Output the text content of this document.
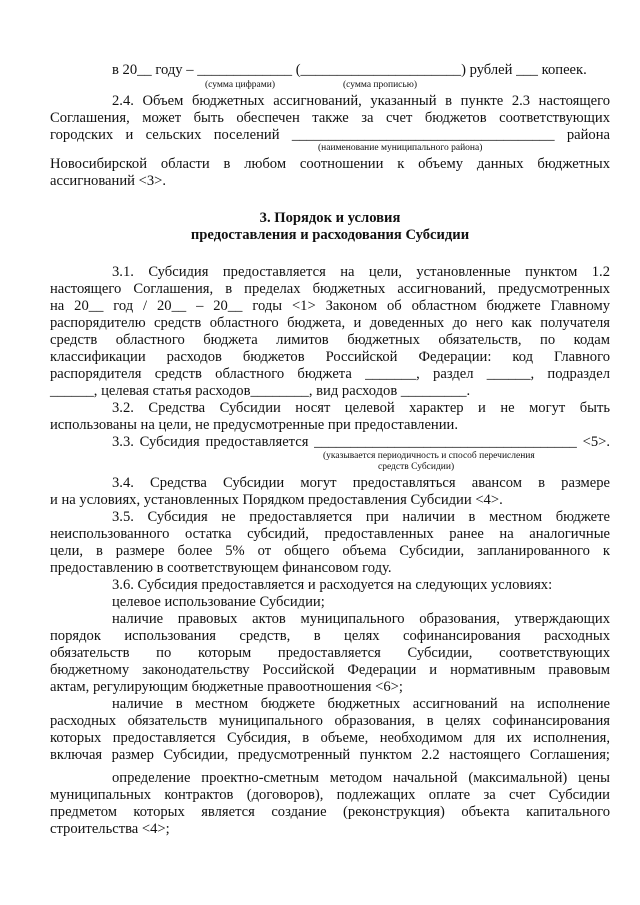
в 20__ году – _____________ (______________________) рублей ___ копеек.
(сумма цифрами)	(сумма прописью)
2.4. Объем бюджетных ассигнований, указанный в пункте 2.3 настоящего
Соглашения, может быть обеспечен также за счет бюджетов соответствующих
городских и сельских поселений ____________________________________ района
(наименование муниципального района)
Новосибирской области в любом соотношении к объему данных бюджетных
ассигнований <3>.
3. Порядок и условия
предоставления и расходования Субсидии
3.1. Субсидия предоставляется на цели, установленные пунктом 1.2
настоящего Соглашения, в пределах бюджетных ассигнований, предусмотренных
на 20__ год / 20__ – 20__ годы <1> Законом об областном бюджете Главному
распорядителю средств областного бюджета, и доведенных до него как получателя
средств областного бюджета лимитов бюджетных обязательств, по кодам
классификации расходов бюджетов Российской Федерации: код Главного
распорядителя средств областного бюджета _______, раздел ______, подраздел
______, целевая статья расходов________, вид расходов _________.
3.2. Средства Субсидии носят целевой характер и не могут быть
использованы на цели, не предусмотренные при предоставлении.
3.3. Субсидия предоставляется ____________________________________ <5>.
(указывается периодичность и способ перечисления
средств Субсидии)
3.4. Средства Субсидии могут предоставляться авансом в размере
и на условиях, установленных Порядком предоставления Субсидии <4>.
3.5. Субсидия не предоставляется при наличии в местном бюджете
неиспользованного остатка субсидий, предоставленных ранее на аналогичные
цели, в размере более 5% от общего объема Субсидии, запланированного к
предоставлению в соответствующем финансовом году.
3.6. Субсидия предоставляется и расходуется на следующих условиях:
целевое использование Субсидии;
наличие правовых актов муниципального образования, утверждающих
порядок использования средств, в целях софинансирования расходных
обязательств по которым предоставляется Субсидии, соответствующих
бюджетному законодательству Российской Федерации и нормативным правовым
актам, регулирующим бюджетные правоотношения <6>;
наличие в местном бюджете бюджетных ассигнований на исполнение
расходных обязательств муниципального образования, в целях софинансирования
которых предоставляется Субсидия, в объеме, необходимом для их исполнения,
включая размер Субсидии, предусмотренный пунктом 2.2 настоящего Соглашения;
определение проектно-сметным методом начальной (максимальной) цены
муниципальных контрактов (договоров), подлежащих оплате за счет Субсидии
предметом которых является создание (реконструкция) объекта капитального
строительства <4>;
